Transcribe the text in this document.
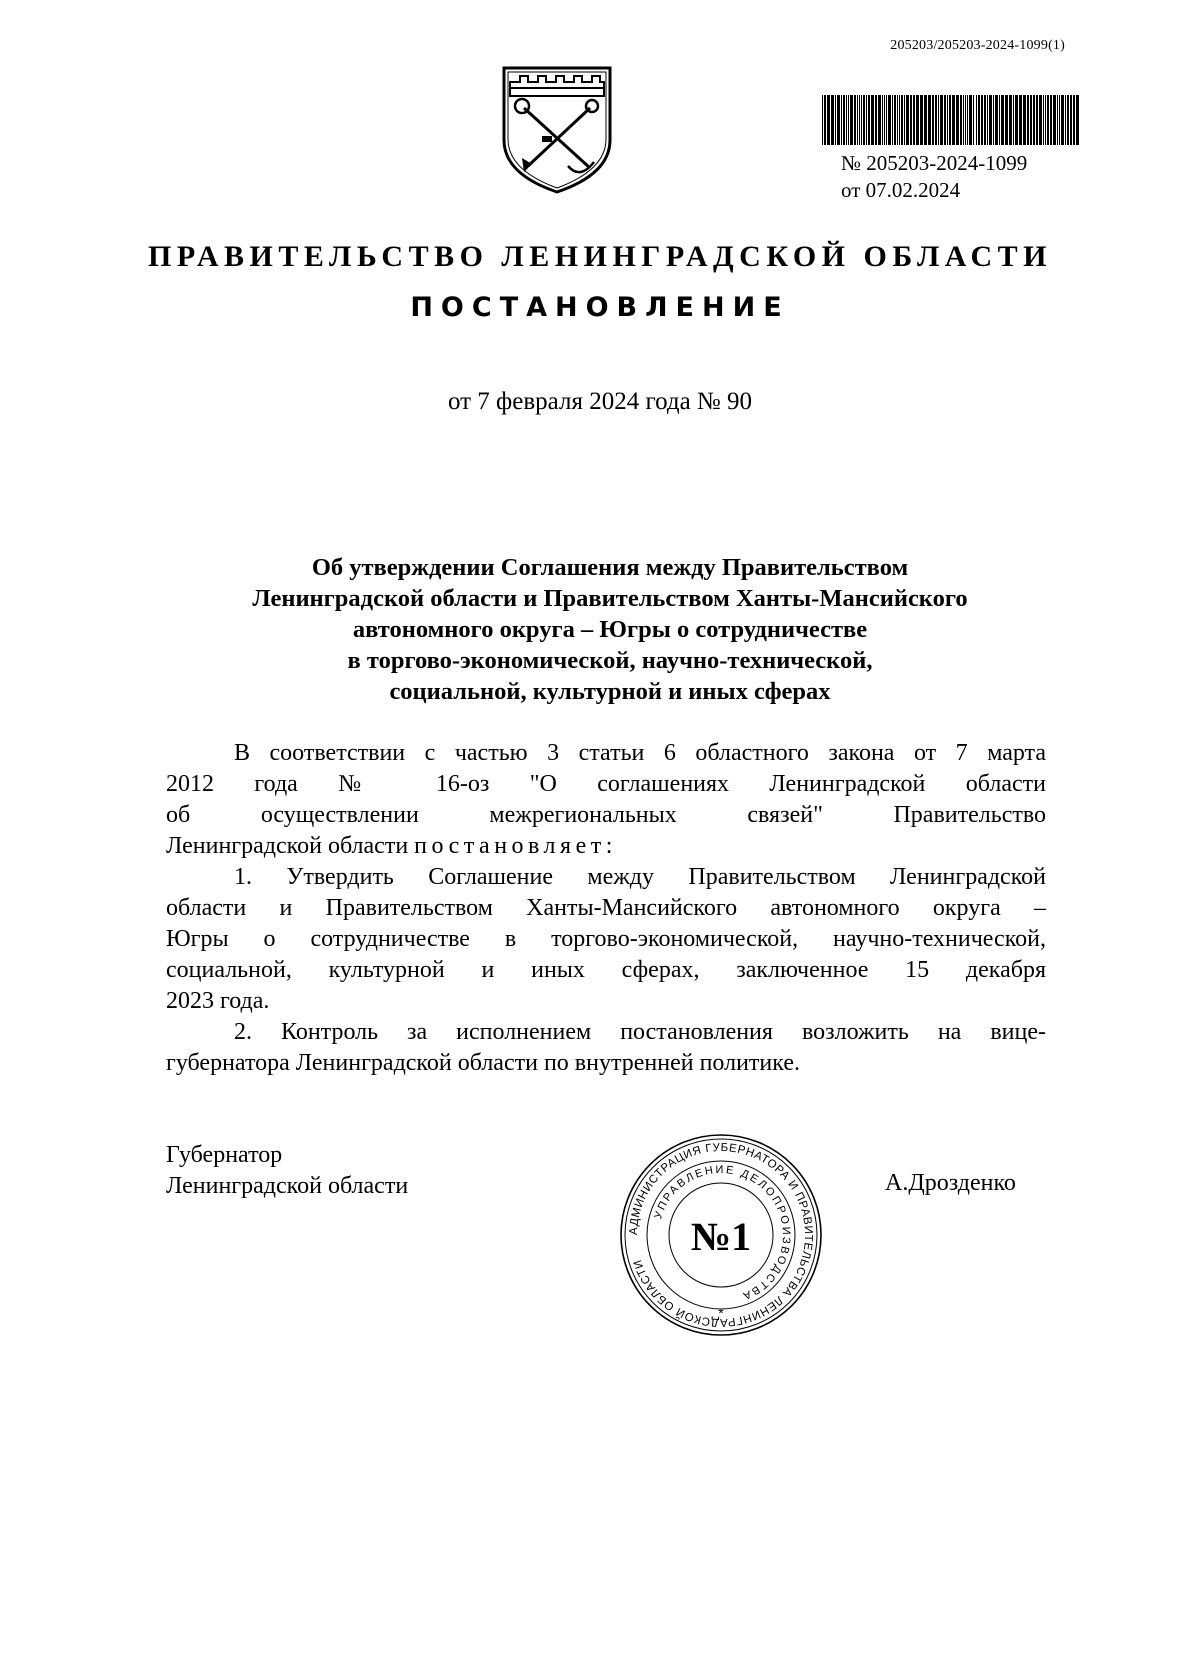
205203/205203-2024-1099(1)
№ 205203-2024-1099
от 07.02.2024
ПРАВИТЕЛЬСТВО ЛЕНИНГРАДСКОЙ ОБЛАСТИ
ПОСТАНОВЛЕНИЕ
от 7 февраля 2024 года № 90
Об утверждении Соглашения между Правительством
Ленинградской области и Правительством Ханты-Мансийского
автономного округа – Югры о сотрудничестве
в торгово-экономической, научно-технической,
социальной, культурной и иных сферах
В соответствии с частью 3 статьи 6 областного закона от 7 марта
2012 года № 16-оз "О соглашениях Ленинградской области
об осуществлении межрегиональных связей" Правительство
Ленинградской области постановляет:
1. Утвердить Соглашение между Правительством Ленинградской
области и Правительством Ханты-Мансийского автономного округа –
Югры о сотрудничестве в торгово-экономической, научно-технической,
социальной, культурной и иных сферах, заключенное 15 декабря
2023 года.
2. Контроль за исполнением постановления возложить на вице-
губернатора Ленинградской области по внутренней политике.
Губернатор
Ленинградской области	А.Дрозденко
АДМИНИСТРАЦИЯ ГУБЕРНАТОРА И ПРАВИТЕЛЬСТВА ЛЕНИНГРАДСКОЙ ОБЛАСТИ
УПРАВЛЕНИЕ ДЕЛОПРОИЗВОДСТВА
№1
*
